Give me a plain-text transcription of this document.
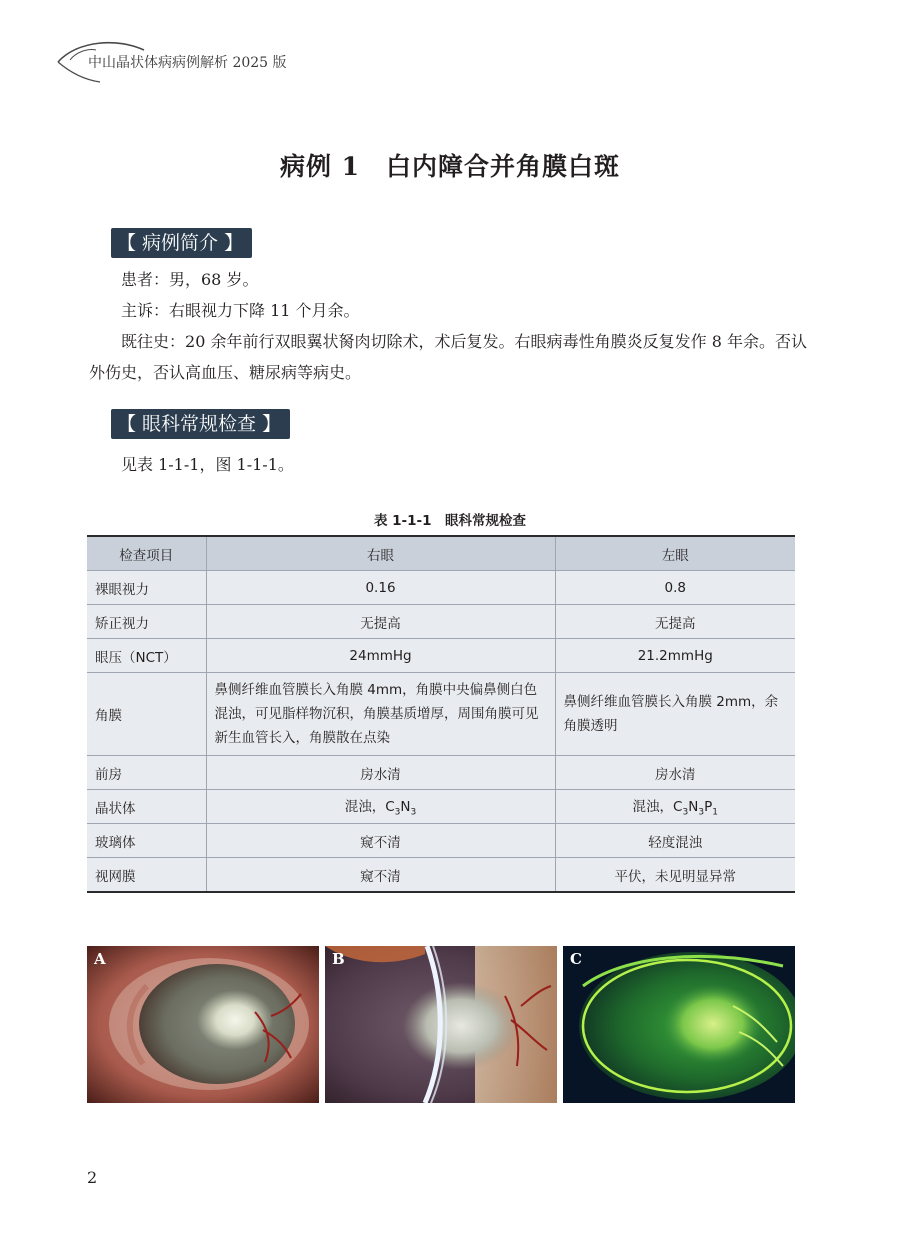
中山晶状体病病例解析 2025 版
病例 1　白内障合并角膜白斑
【 病例简介 】

患者：男，68 岁。

主诉：右眼视力下降 11 个月余。

既往史：20 余年前行双眼翼状胬肉切除术，术后复发。右眼病毒性角膜炎反复发作 8 年余。否认外伤史，否认高血压、糖尿病等病史。

【 眼科常规检查 】

见表 1-1-1，图 1-1-1。

表 1-1-1　眼科常规检查
检查项目	右眼	左眼
裸眼视力	0.16	0.8
矫正视力	无提高	无提高
眼压（NCT）	24mmHg	21.2mmHg
角膜	鼻侧纤维血管膜长入角膜 4mm，角膜中央偏鼻侧白色混浊，可见脂样物沉积，角膜基质增厚，周围角膜可见新生血管长入，角膜散在点染	鼻侧纤维血管膜长入角膜 2mm，余角膜透明
前房	房水清	房水清
晶状体	混浊，$C_3N_3$	混浊，$C_3N_3P_1$
玻璃体	窥不清	轻度混浊
视网膜	窥不清	平伏，未见明显异常
A	B	C
2
